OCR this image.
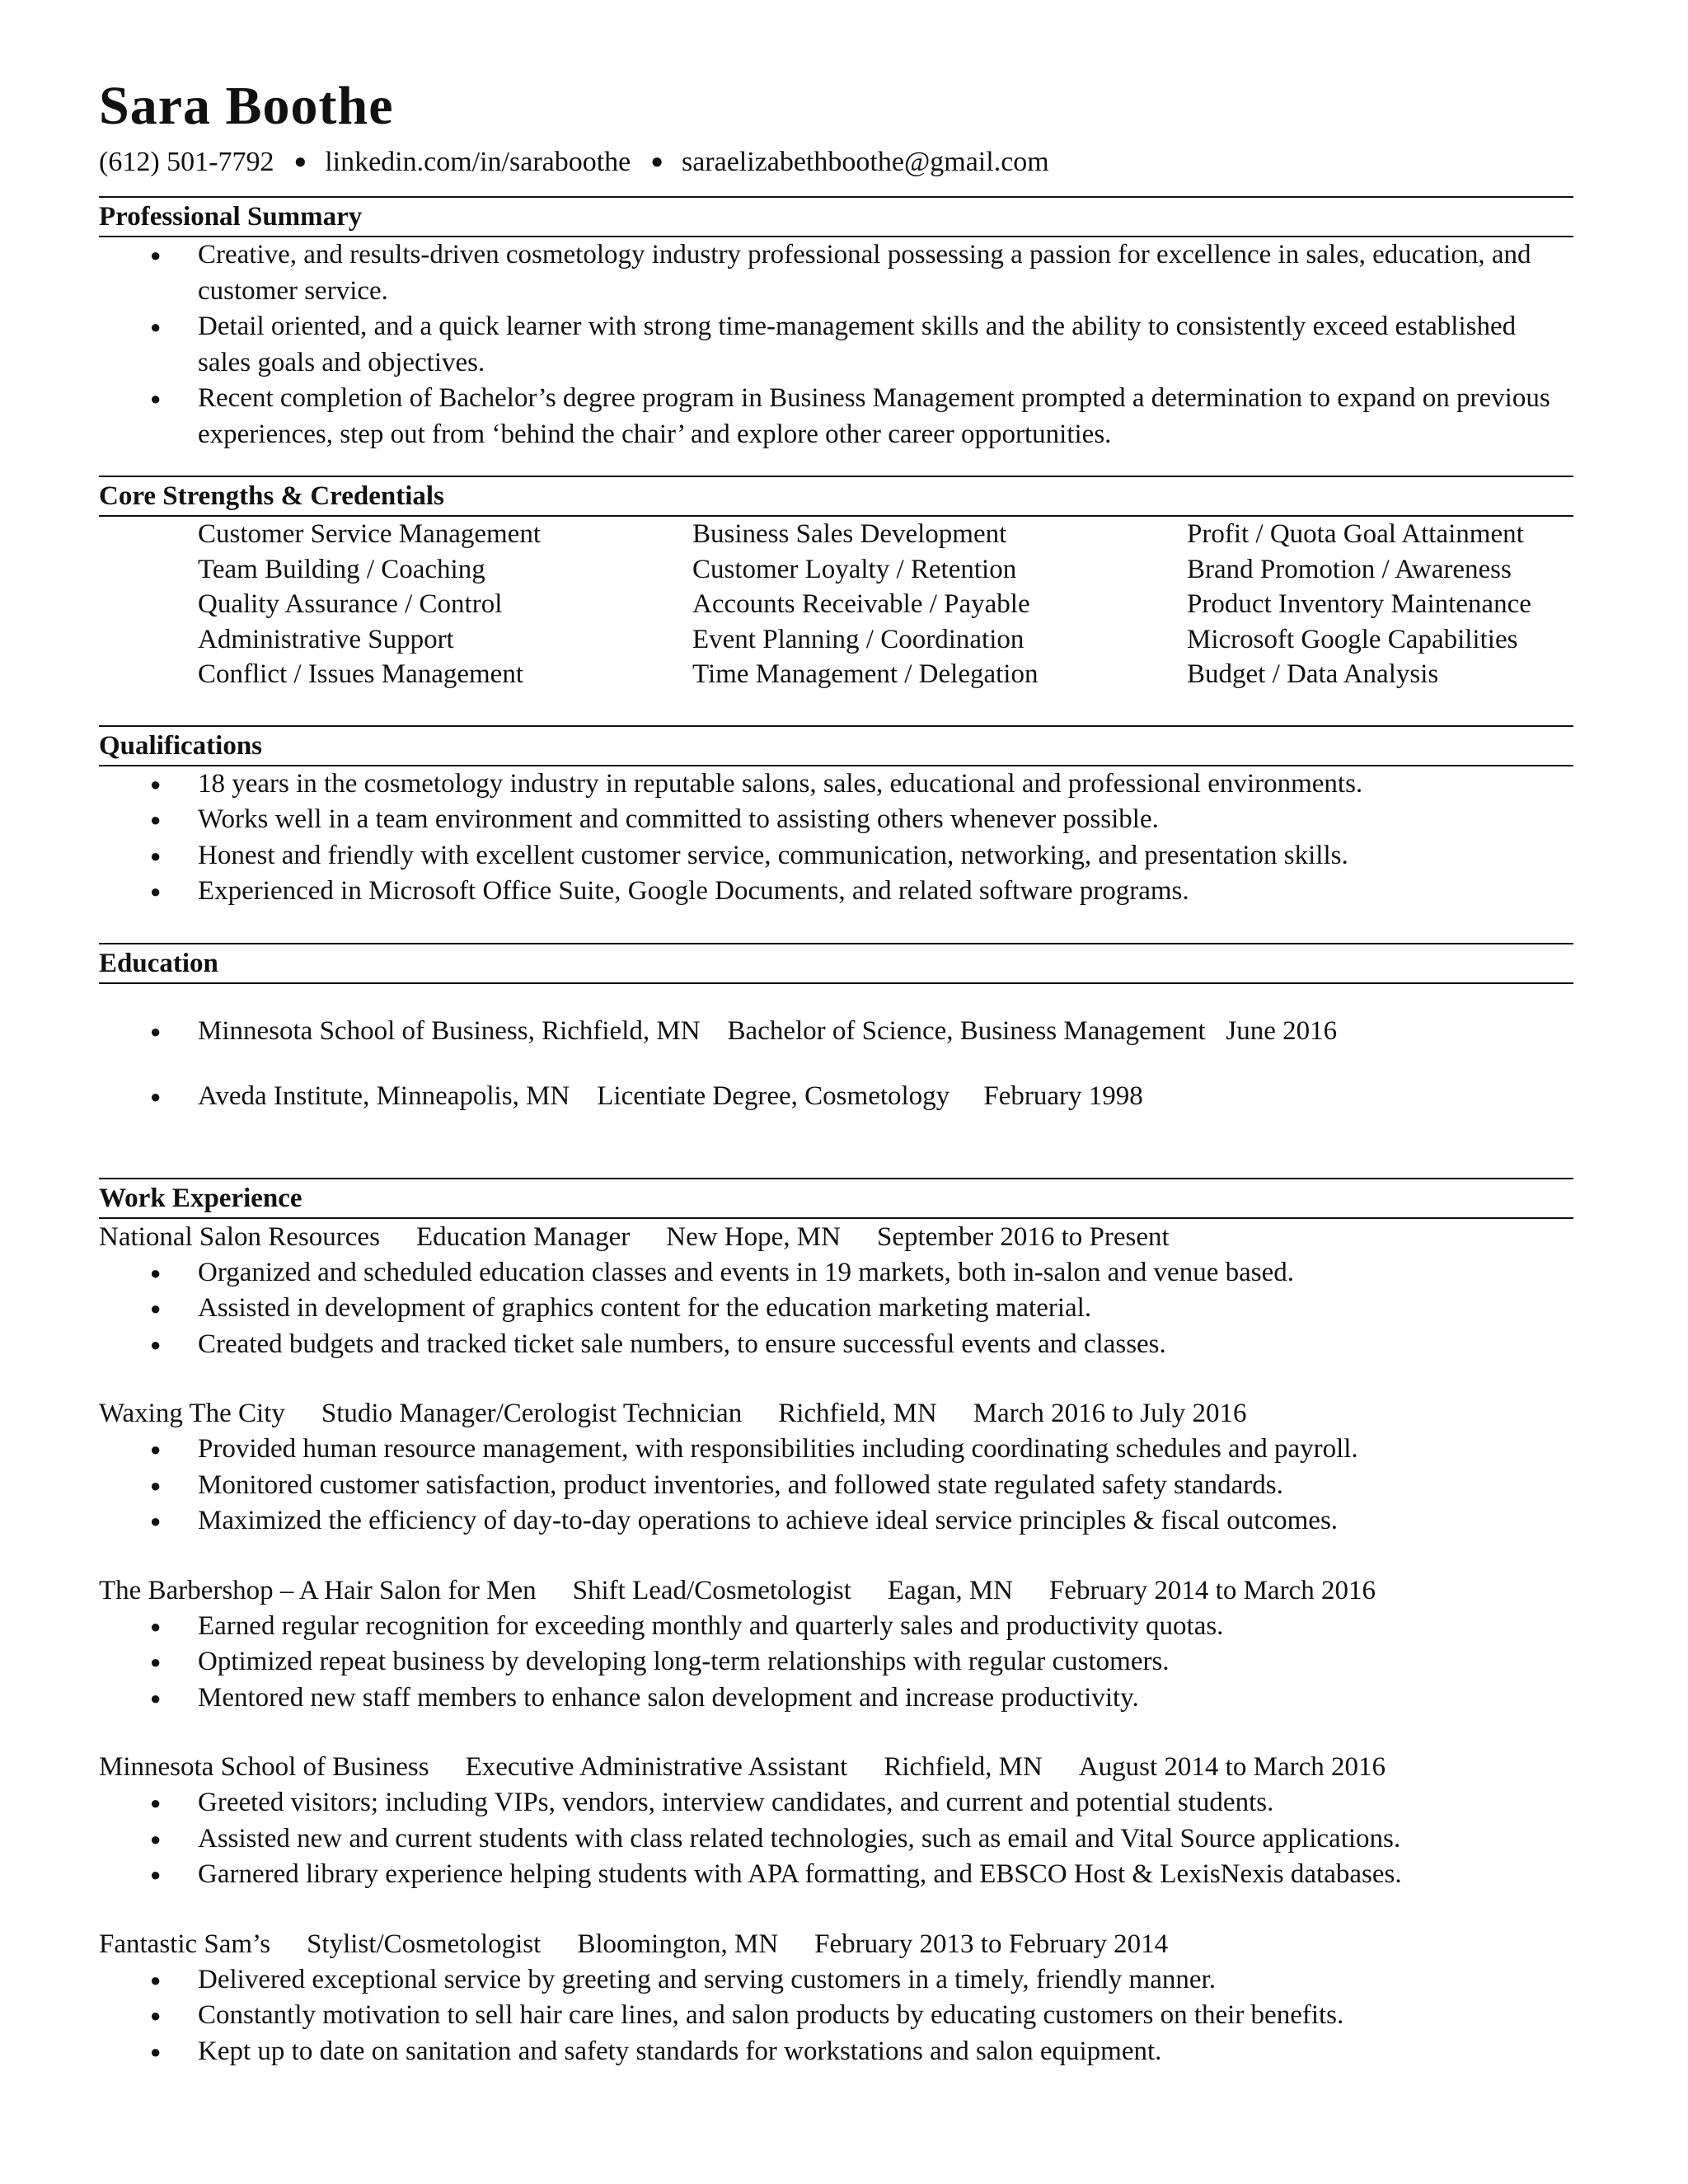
Sara Boothe
(612) 501-7792 ● linkedin.com/in/saraboothe ● saraelizabethboothe@gmail.com
Professional Summary
● Creative, and results-driven cosmetology industry professional possessing a passion for excellence in sales, education, and customer service.
● Detail oriented, and a quick learner with strong time-management skills and the ability to consistently exceed established sales goals and objectives.
● Recent completion of Bachelor’s degree program in Business Management prompted a determination to expand on previous experiences, step out from ‘behind the chair’ and explore other career opportunities.
Core Strengths & Credentials
Customer Service Management	Business Sales Development	Profit / Quota Goal Attainment
Team Building / Coaching	Customer Loyalty / Retention	Brand Promotion / Awareness
Quality Assurance / Control	Accounts Receivable / Payable	Product Inventory Maintenance
Administrative Support	Event Planning / Coordination	Microsoft Google Capabilities
Conflict / Issues Management	Time Management / Delegation	Budget / Data Analysis
Qualifications
● 18 years in the cosmetology industry in reputable salons, sales, educational and professional environments.
● Works well in a team environment and committed to assisting others whenever possible.
● Honest and friendly with excellent customer service, communication, networking, and presentation skills.
● Experienced in Microsoft Office Suite, Google Documents, and related software programs.
Education

● Minnesota School of Business, Richfield, MN    Bachelor of Science, Business Management   June 2016

● Aveda Institute, Minneapolis, MN    Licentiate Degree, Cosmetology     February 1998

Work Experience
National Salon Resources Education Manager New Hope, MN September 2016 to Present
● Organized and scheduled education classes and events in 19 markets, both in-salon and venue based.
● Assisted in development of graphics content for the education marketing material.
● Created budgets and tracked ticket sale numbers, to ensure successful events and classes.
Waxing The City Studio Manager/Cerologist Technician Richfield, MN March 2016 to July 2016
● Provided human resource management, with responsibilities including coordinating schedules and payroll.
● Monitored customer satisfaction, product inventories, and followed state regulated safety standards.
● Maximized the efficiency of day-to-day operations to achieve ideal service principles & fiscal outcomes.
The Barbershop – A Hair Salon for Men Shift Lead/Cosmetologist Eagan, MN February 2014 to March 2016
● Earned regular recognition for exceeding monthly and quarterly sales and productivity quotas.
● Optimized repeat business by developing long-term relationships with regular customers.
● Mentored new staff members to enhance salon development and increase productivity.
Minnesota School of Business Executive Administrative Assistant Richfield, MN August 2014 to March 2016
● Greeted visitors; including VIPs, vendors, interview candidates, and current and potential students.
● Assisted new and current students with class related technologies, such as email and Vital Source applications.
● Garnered library experience helping students with APA formatting, and EBSCO Host & LexisNexis databases.
Fantastic Sam’s Stylist/Cosmetologist Bloomington, MN February 2013 to February 2014
● Delivered exceptional service by greeting and serving customers in a timely, friendly manner.
● Constantly motivation to sell hair care lines, and salon products by educating customers on their benefits.
● Kept up to date on sanitation and safety standards for workstations and salon equipment.
